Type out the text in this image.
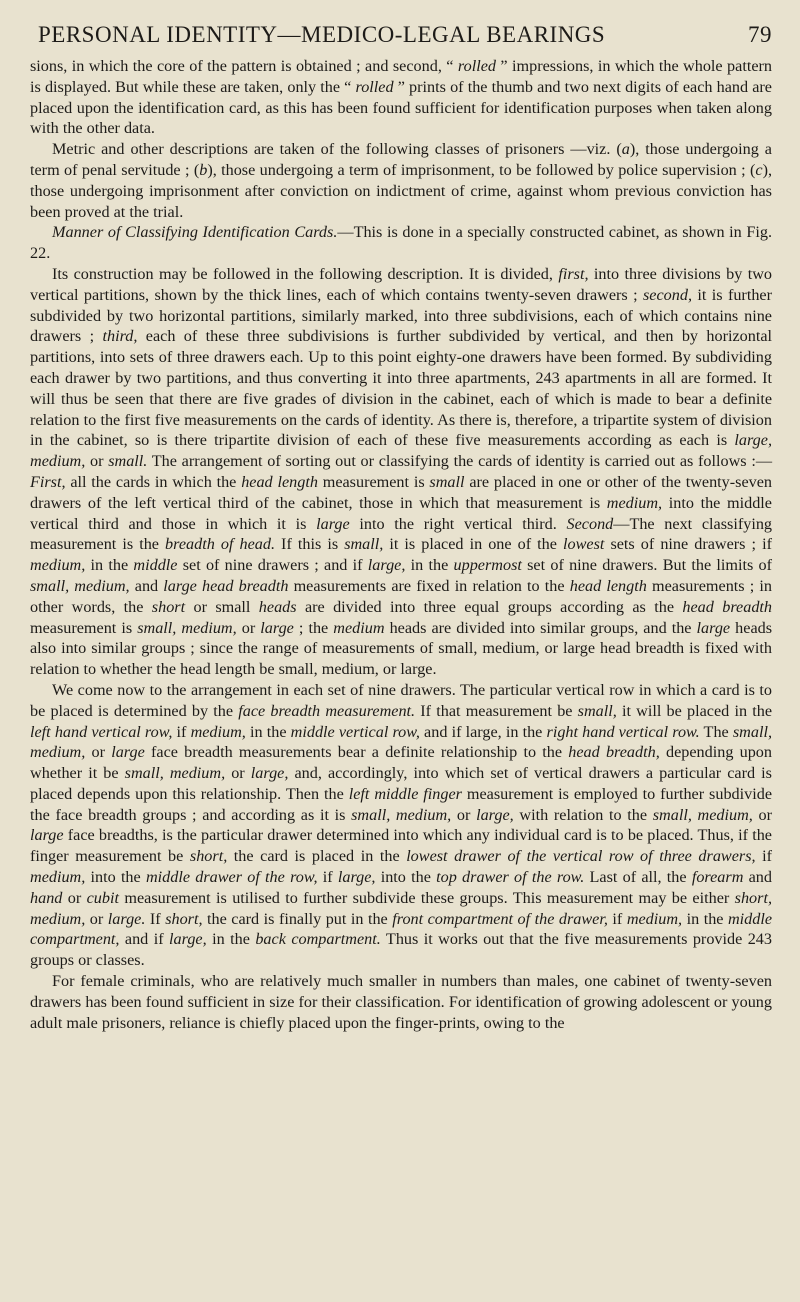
PERSONAL IDENTITY—MEDICO-LEGAL BEARINGS	79

sions, in which the core of the pattern is obtained ; and second, “ rolled ” impressions, in which the whole pattern is displayed. But while these are taken, only the “ rolled ” prints of the thumb and two next digits of each hand are placed upon the identification card, as this has been found sufficient for identification purposes when taken along with the other data.

Metric and other descriptions are taken of the following classes of prisoners —viz. (a), those undergoing a term of penal servitude ; (b), those undergoing a term of imprisonment, to be followed by police supervision ; (c), those undergoing imprisonment after conviction on indictment of crime, against whom previous conviction has been proved at the trial.

Manner of Classifying Identification Cards.—This is done in a specially constructed cabinet, as shown in Fig. 22.

Its construction may be followed in the following description. It is divided, first, into three divisions by two vertical partitions, shown by the thick lines, each of which contains twenty-seven drawers ; second, it is further subdivided by two horizontal partitions, similarly marked, into three subdivisions, each of which contains nine drawers ; third, each of these three subdivisions is further subdivided by vertical, and then by horizontal partitions, into sets of three drawers each. Up to this point eighty-one drawers have been formed. By subdividing each drawer by two partitions, and thus converting it into three apartments, 243 apartments in all are formed. It will thus be seen that there are five grades of division in the cabinet, each of which is made to bear a definite relation to the first five measurements on the cards of identity. As there is, therefore, a tripartite system of division in the cabinet, so is there tripartite division of each of these five measurements according as each is large, medium, or small. The arrangement of sorting out or classifying the cards of identity is carried out as follows :—First, all the cards in which the head length measurement is small are placed in one or other of the twenty-seven drawers of the left vertical third of the cabinet, those in which that measurement is medium, into the middle vertical third and those in which it is large into the right vertical third. Second—The next classifying measurement is the breadth of head. If this is small, it is placed in one of the lowest sets of nine drawers ; if medium, in the middle set of nine drawers ; and if large, in the uppermost set of nine drawers. But the limits of small, medium, and large head breadth measurements are fixed in relation to the head length measurements ; in other words, the short or small heads are divided into three equal groups according as the head breadth measurement is small, medium, or large ; the medium heads are divided into similar groups, and the large heads also into similar groups ; since the range of measurements of small, medium, or large head breadth is fixed with relation to whether the head length be small, medium, or large.

We come now to the arrangement in each set of nine drawers. The particular vertical row in which a card is to be placed is determined by the face breadth measurement. If that measurement be small, it will be placed in the left hand vertical row, if medium, in the middle vertical row, and if large, in the right hand vertical row. The small, medium, or large face breadth measurements bear a definite relationship to the head breadth, depending upon whether it be small, medium, or large, and, accordingly, into which set of vertical drawers a particular card is placed depends upon this relationship. Then the left middle finger measurement is employed to further subdivide the face breadth groups ; and according as it is small, medium, or large, with relation to the small, medium, or large face breadths, is the particular drawer determined into which any individual card is to be placed. Thus, if the finger measurement be short, the card is placed in the lowest drawer of the vertical row of three drawers, if medium, into the middle drawer of the row, if large, into the top drawer of the row. Last of all, the forearm and hand or cubit measurement is utilised to further subdivide these groups. This measurement may be either short, medium, or large. If short, the card is finally put in the front compartment of the drawer, if medium, in the middle compartment, and if large, in the back compartment. Thus it works out that the five measurements provide 243 groups or classes.

For female criminals, who are relatively much smaller in numbers than males, one cabinet of twenty-seven drawers has been found sufficient in size for their classification. For identification of growing adolescent or young adult male prisoners, reliance is chiefly placed upon the finger-prints, owing to the
